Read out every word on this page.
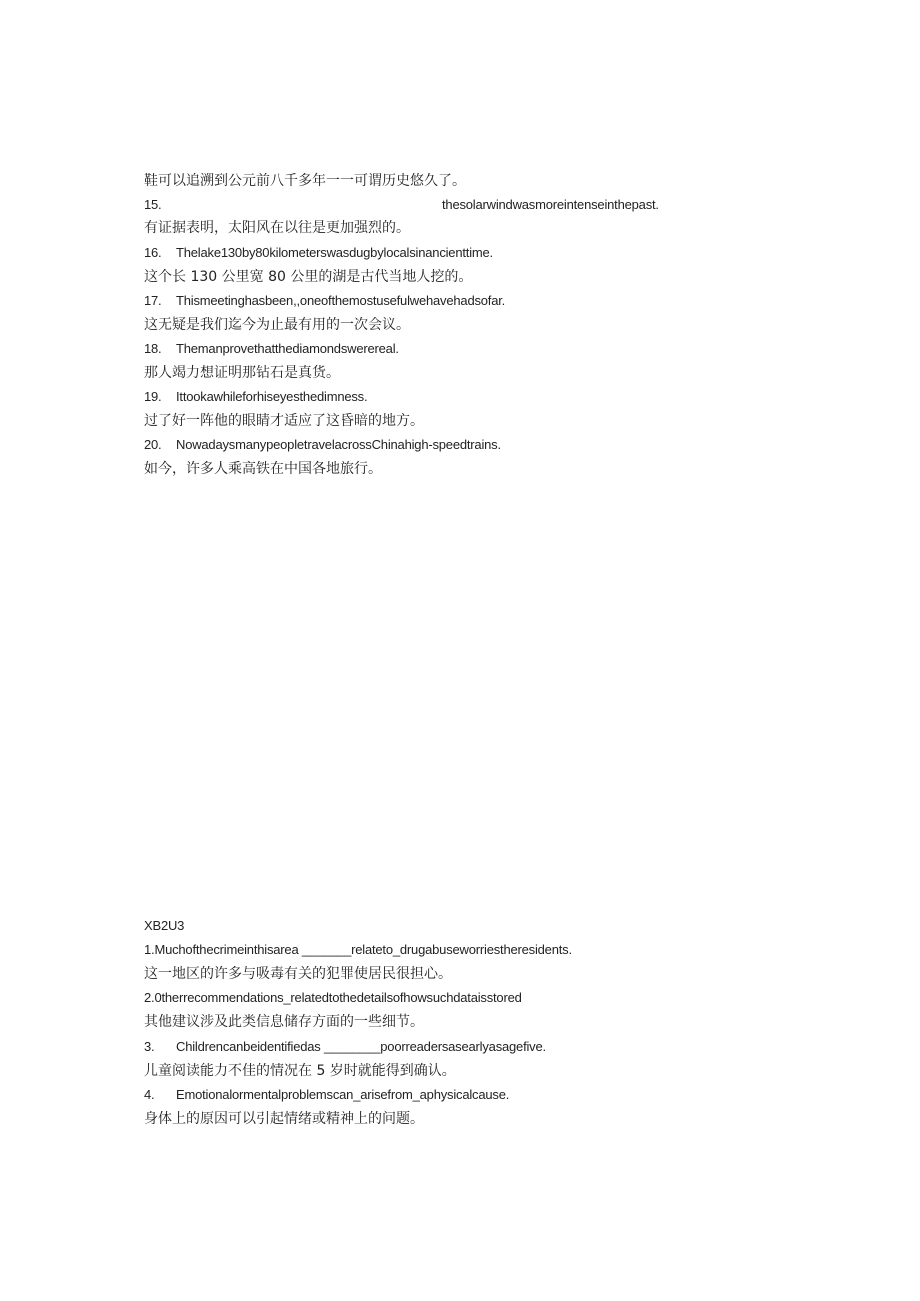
鞋可以追溯到公元前八千多年一一可谓历史悠久了。
15.	thesolarwindwasmoreintenseinthepast.
有证据表明，太阳风在以往是更加强烈的。
16. Thelake130by80kilometerswasdugbylocalsinancienttime.
这个长 130 公里宽 80 公里的湖是古代当地人挖的。
17. Thismeetinghasbeen,,oneofthemostusefulwehavehadsofar.
这无疑是我们迄今为止最有用的一次会议。
18. Themanprovethatthediamondswerereal.
那人竭力想证明那钻石是真货。
19. Ittookawhileforhiseyesthedimness.
过了好一阵他的眼睛才适应了这昏暗的地方。
20. NowadaysmanypeopletravelacrossChinahigh-speedtrains.
如今，许多人乘高铁在中国各地旅行。
XB2U3
1.Muchofthecrimeinthisarea _______relateto_drugabuseworriestheresidents.
这一地区的许多与吸毒有关的犯罪使居民很担心。
2.0therrecommendations_relatedtothedetailsofhowsuchdataisstored
其他建议涉及此类信息储存方面的一些细节。
3. Childrencanbeidentifiedas ________poorreadersasearlyasagefive.
儿童阅读能力不佳的情况在 5 岁时就能得到确认。
4. Emotionalormentalproblemscan_arisefrom_aphysicalcause.
身体上的原因可以引起情绪或精神上的问题。
